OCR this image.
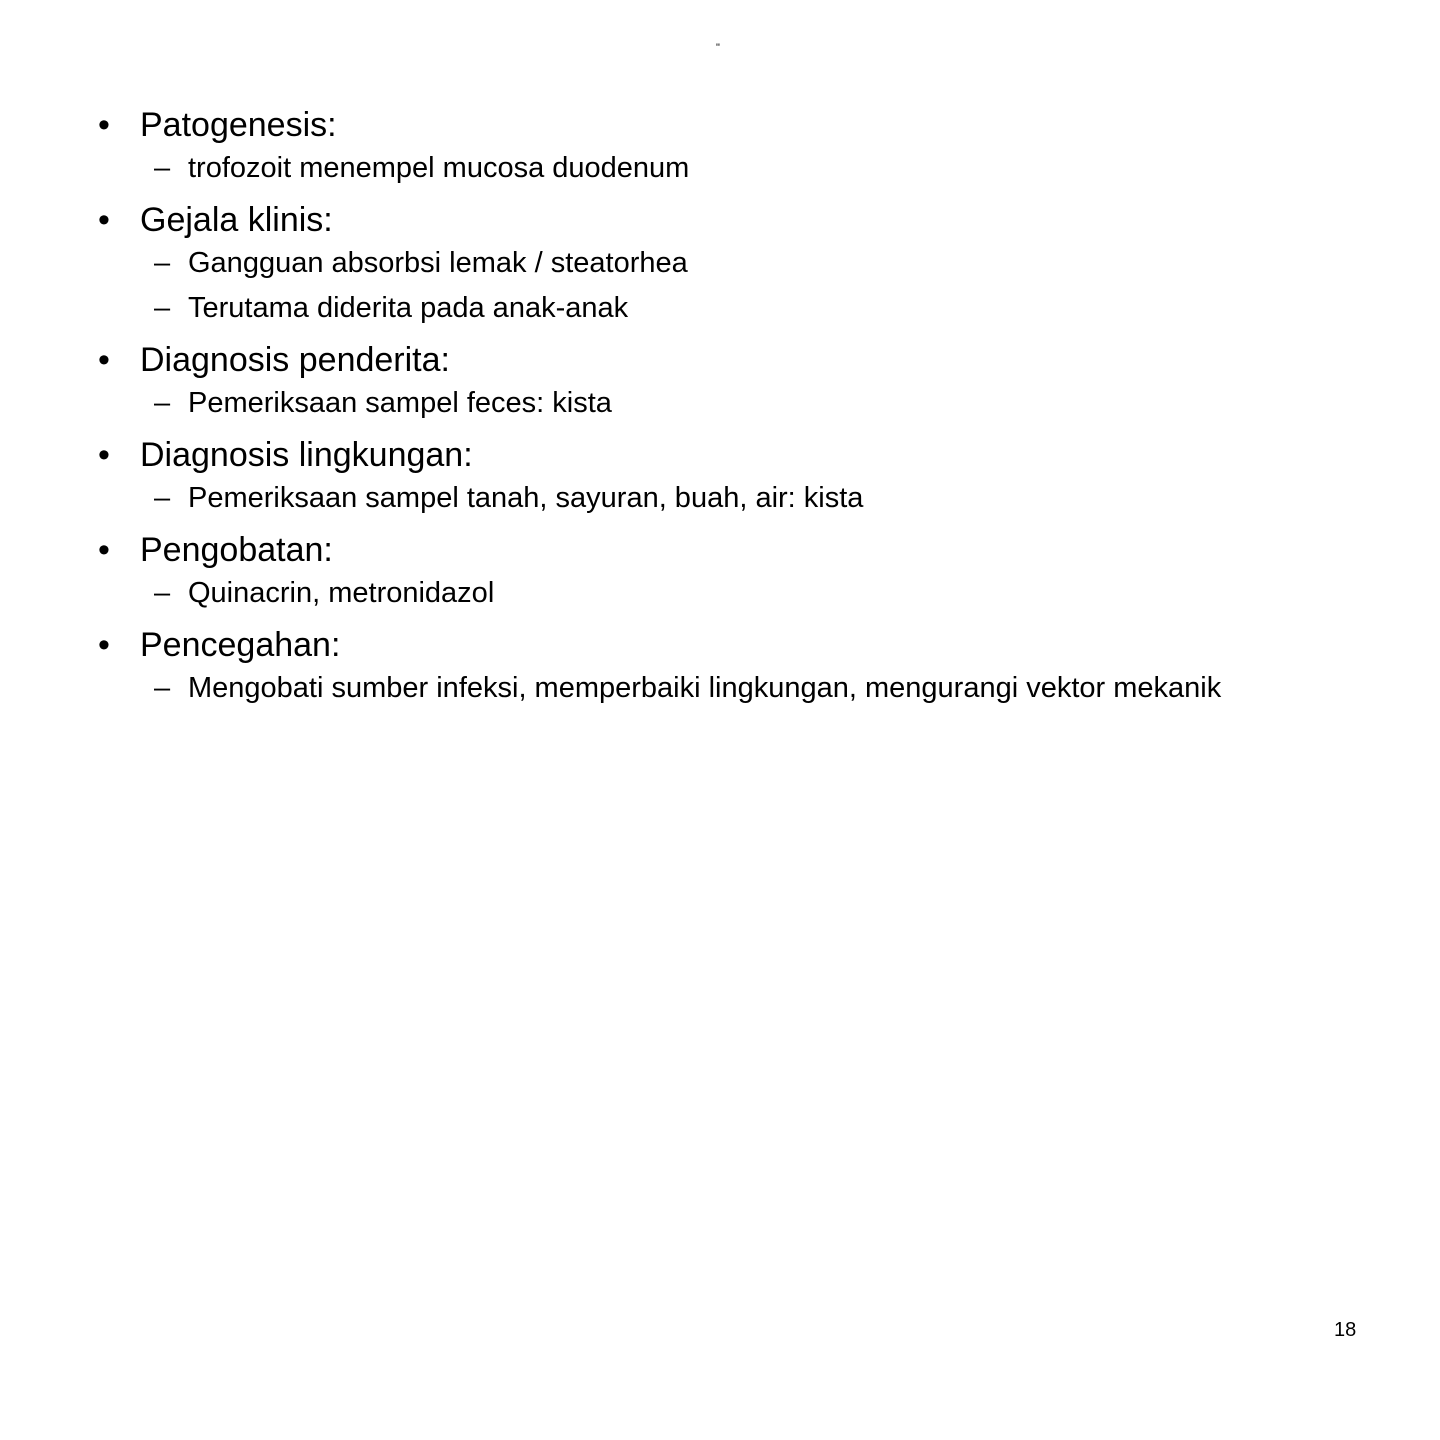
"
• Patogenesis:
– trofozoit menempel mucosa duodenum
• Gejala klinis:
– Gangguan absorbsi lemak / steatorhea
– Terutama diderita pada anak-anak
• Diagnosis penderita:
– Pemeriksaan sampel feces: kista
• Diagnosis lingkungan:
– Pemeriksaan sampel tanah, sayuran, buah, air: kista
• Pengobatan:
– Quinacrin, metronidazol
• Pencegahan:
– Mengobati sumber infeksi, memperbaiki lingkungan, mengurangi vektor mekanik
18
